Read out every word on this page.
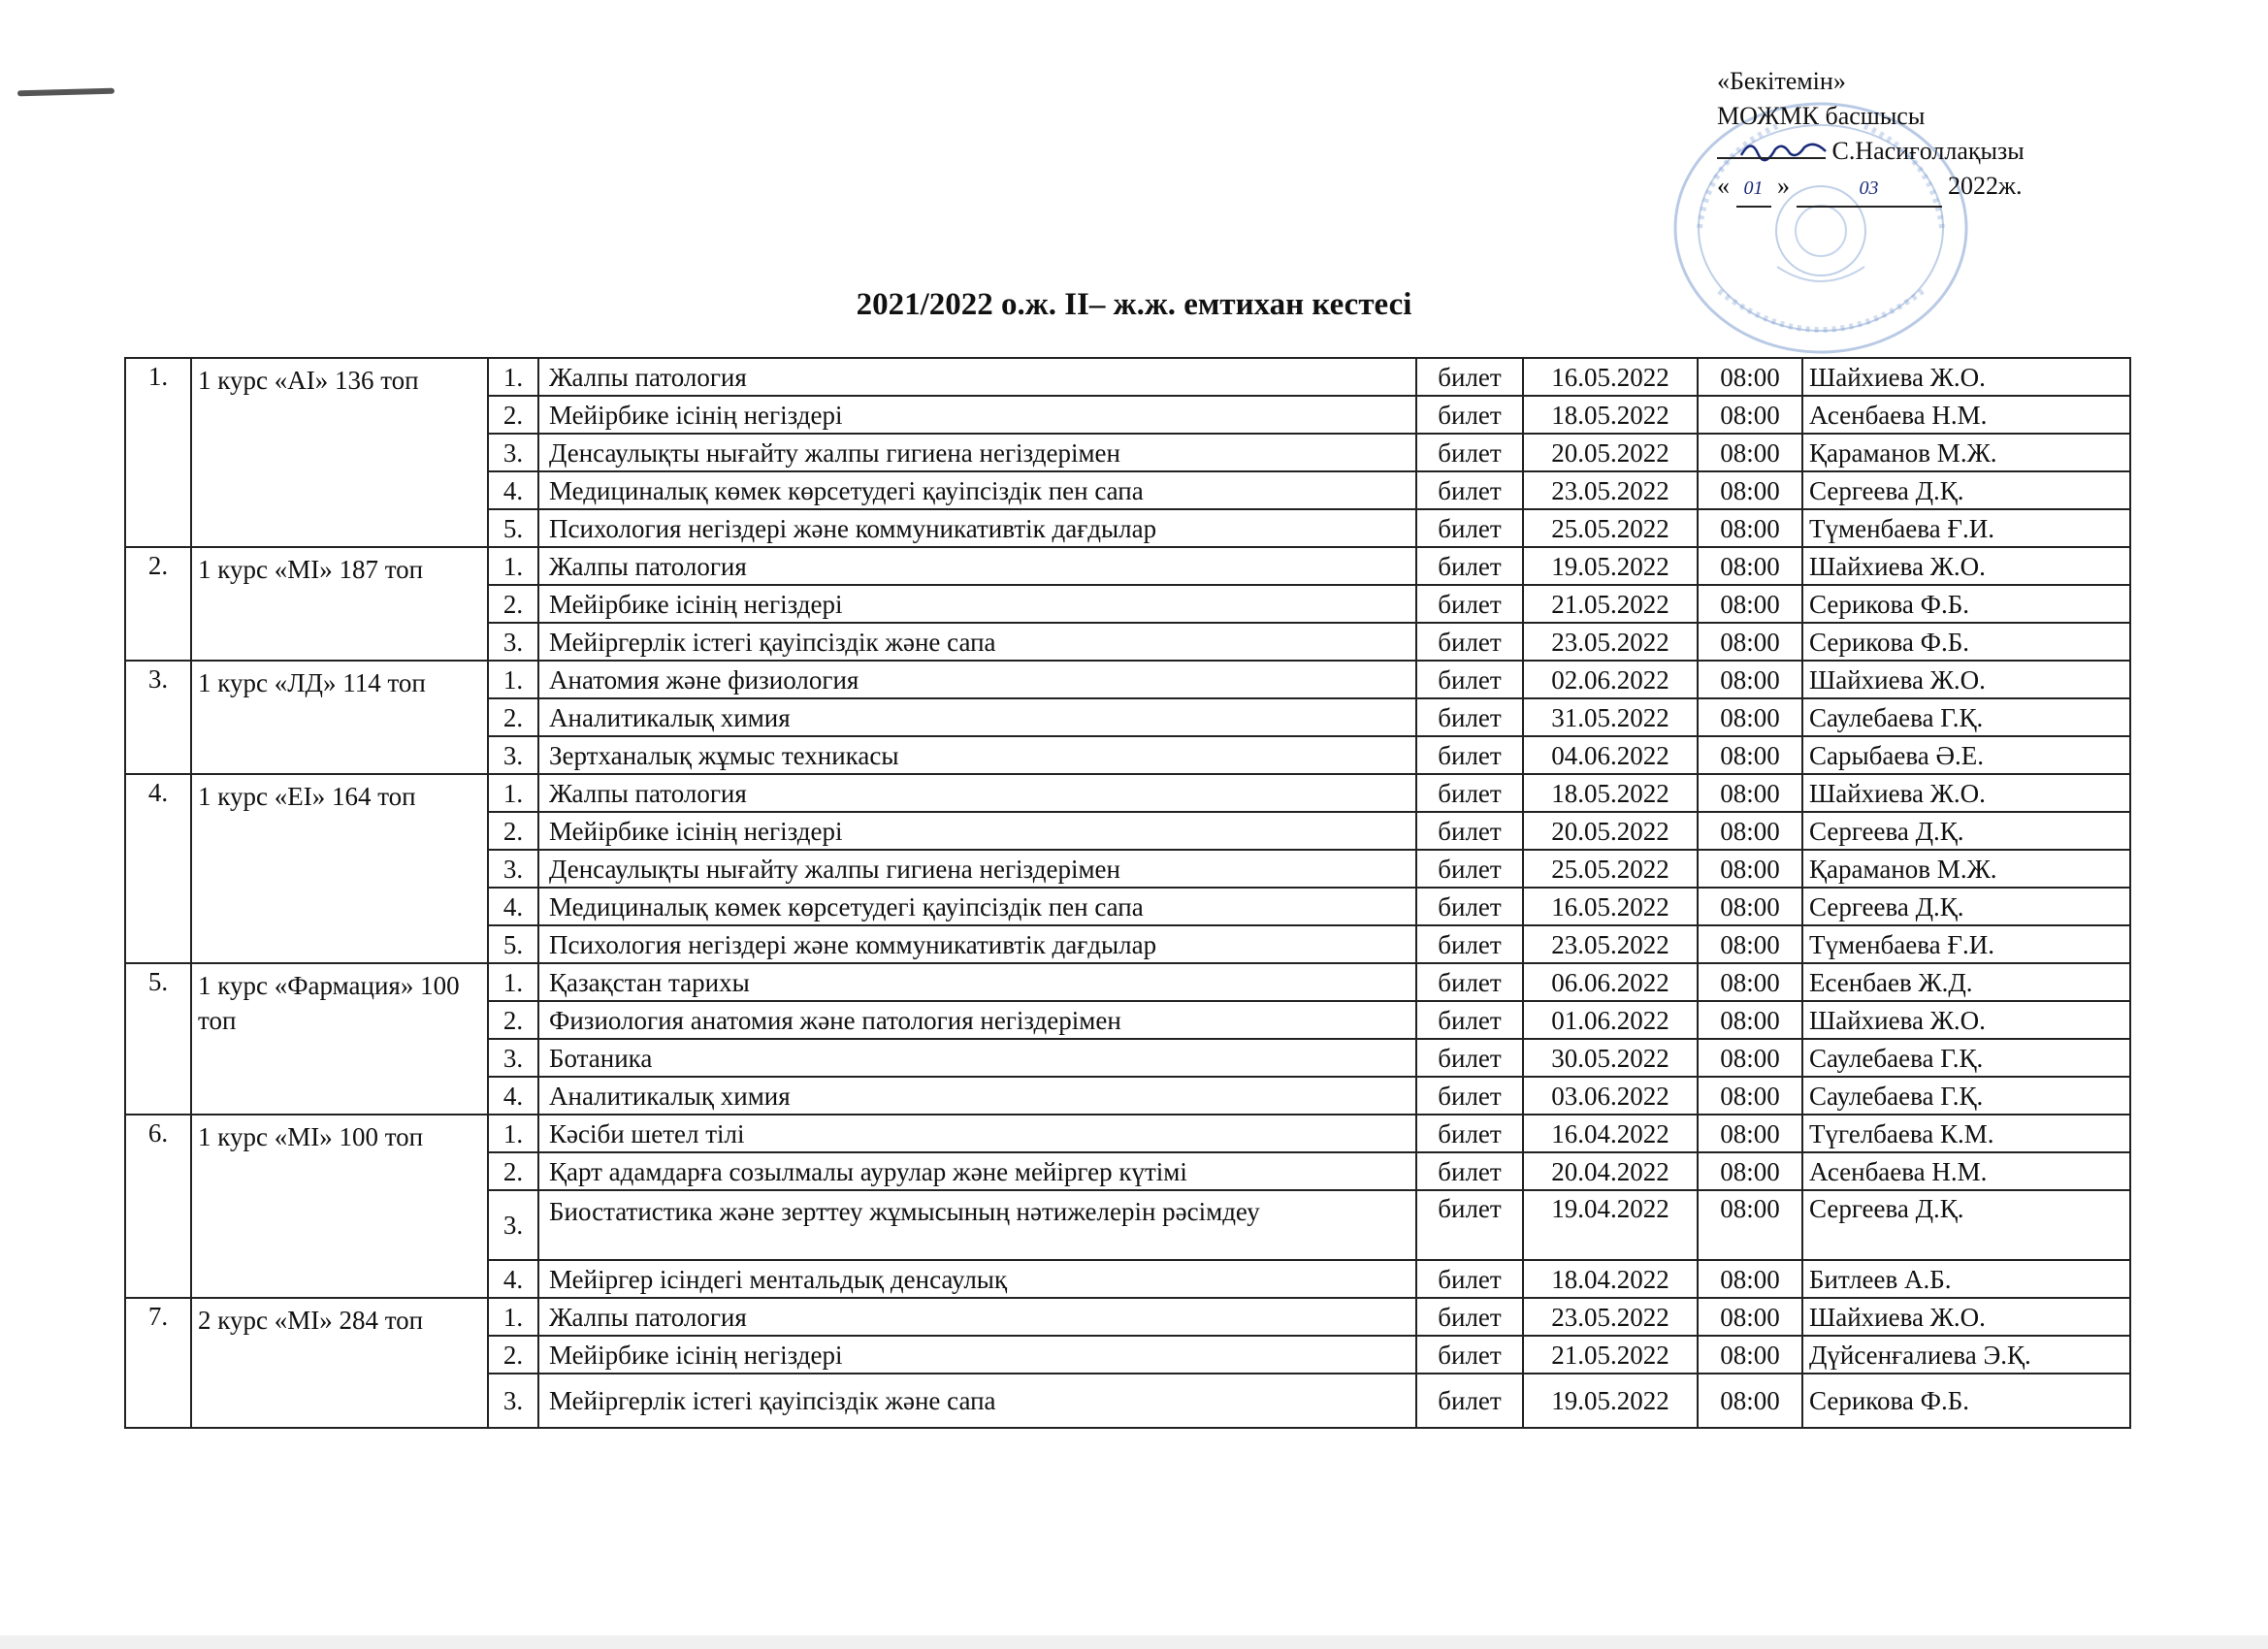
«Бекітемін»
МОЖМК басшысы
С.Насиғоллақызы
« 01 »	03	2022ж.
2021/2022 о.ж. ІІ– ж.ж. емтихан кестесі
1.	1 курс «АІ» 136 топ	1.	Жалпы патология	билет	16.05.2022	08:00	Шайхиева Ж.О.
		2.	Мейірбике ісінің негіздері	билет	18.05.2022	08:00	Асенбаева Н.М.
		3.	Денсаулықты нығайту жалпы гигиена негіздерімен	билет	20.05.2022	08:00	Қараманов М.Ж.
		4.	Медициналық көмек көрсетудегі қауіпсіздік пен сапа	билет	23.05.2022	08:00	Сергеева Д.Қ.
		5.	Психология негіздері және коммуникативтік дағдылар	билет	25.05.2022	08:00	Түменбаева Ғ.И.
2.	1 курс «МІ» 187 топ	1.	Жалпы патология	билет	19.05.2022	08:00	Шайхиева Ж.О.
		2.	Мейірбике ісінің негіздері	билет	21.05.2022	08:00	Серикова Ф.Б.
		3.	Мейіргерлік істегі қауіпсіздік және сапа	билет	23.05.2022	08:00	Серикова Ф.Б.
3.	1 курс «ЛД» 114 топ	1.	Анатомия және физиология	билет	02.06.2022	08:00	Шайхиева Ж.О.
		2.	Аналитикалық химия	билет	31.05.2022	08:00	Саулебаева Г.Қ.
		3.	Зертханалық жұмыс техникасы	билет	04.06.2022	08:00	Сарыбаева Ә.Е.
4.	1 курс «ЕІ» 164 топ	1.	Жалпы патология	билет	18.05.2022	08:00	Шайхиева Ж.О.
		2.	Мейірбике ісінің негіздері	билет	20.05.2022	08:00	Сергеева Д.Қ.
		3.	Денсаулықты нығайту жалпы гигиена негіздерімен	билет	25.05.2022	08:00	Қараманов М.Ж.
		4.	Медициналық көмек көрсетудегі қауіпсіздік пен сапа	билет	16.05.2022	08:00	Сергеева Д.Қ.
		5.	Психология негіздері және коммуникативтік дағдылар	билет	23.05.2022	08:00	Түменбаева Ғ.И.
5.	1 курс «Фармация» 100 топ	1.	Қазақстан тарихы	билет	06.06.2022	08:00	Есенбаев Ж.Д.
		2.	Физиология анатомия және патология негіздерімен	билет	01.06.2022	08:00	Шайхиева Ж.О.
		3.	Ботаника	билет	30.05.2022	08:00	Саулебаева Г.Қ.
		4.	Аналитикалық химия	билет	03.06.2022	08:00	Саулебаева Г.Қ.
6.	1 курс «МІ» 100 топ	1.	Кәсіби шетел тілі	билет	16.04.2022	08:00	Түгелбаева К.М.
		2.	Қарт адамдарға созылмалы аурулар және мейіргер күтімі	билет	20.04.2022	08:00	Асенбаева Н.М.
		3.	Биостатистика және зерттеу жұмысының нәтижелерін рәсімдеу	билет	19.04.2022	08:00	Сергеева Д.Қ.
		4.	Мейіргер ісіндегі ментальдық денсаулық	билет	18.04.2022	08:00	Битлеев А.Б.
7.	2 курс «МІ» 284 топ	1.	Жалпы патология	билет	23.05.2022	08:00	Шайхиева Ж.О.
		2.	Мейірбике ісінің негіздері	билет	21.05.2022	08:00	Дүйсенғалиева Э.Қ.
		3.	Мейіргерлік істегі қауіпсіздік және сапа	билет	19.05.2022	08:00	Серикова Ф.Б.
